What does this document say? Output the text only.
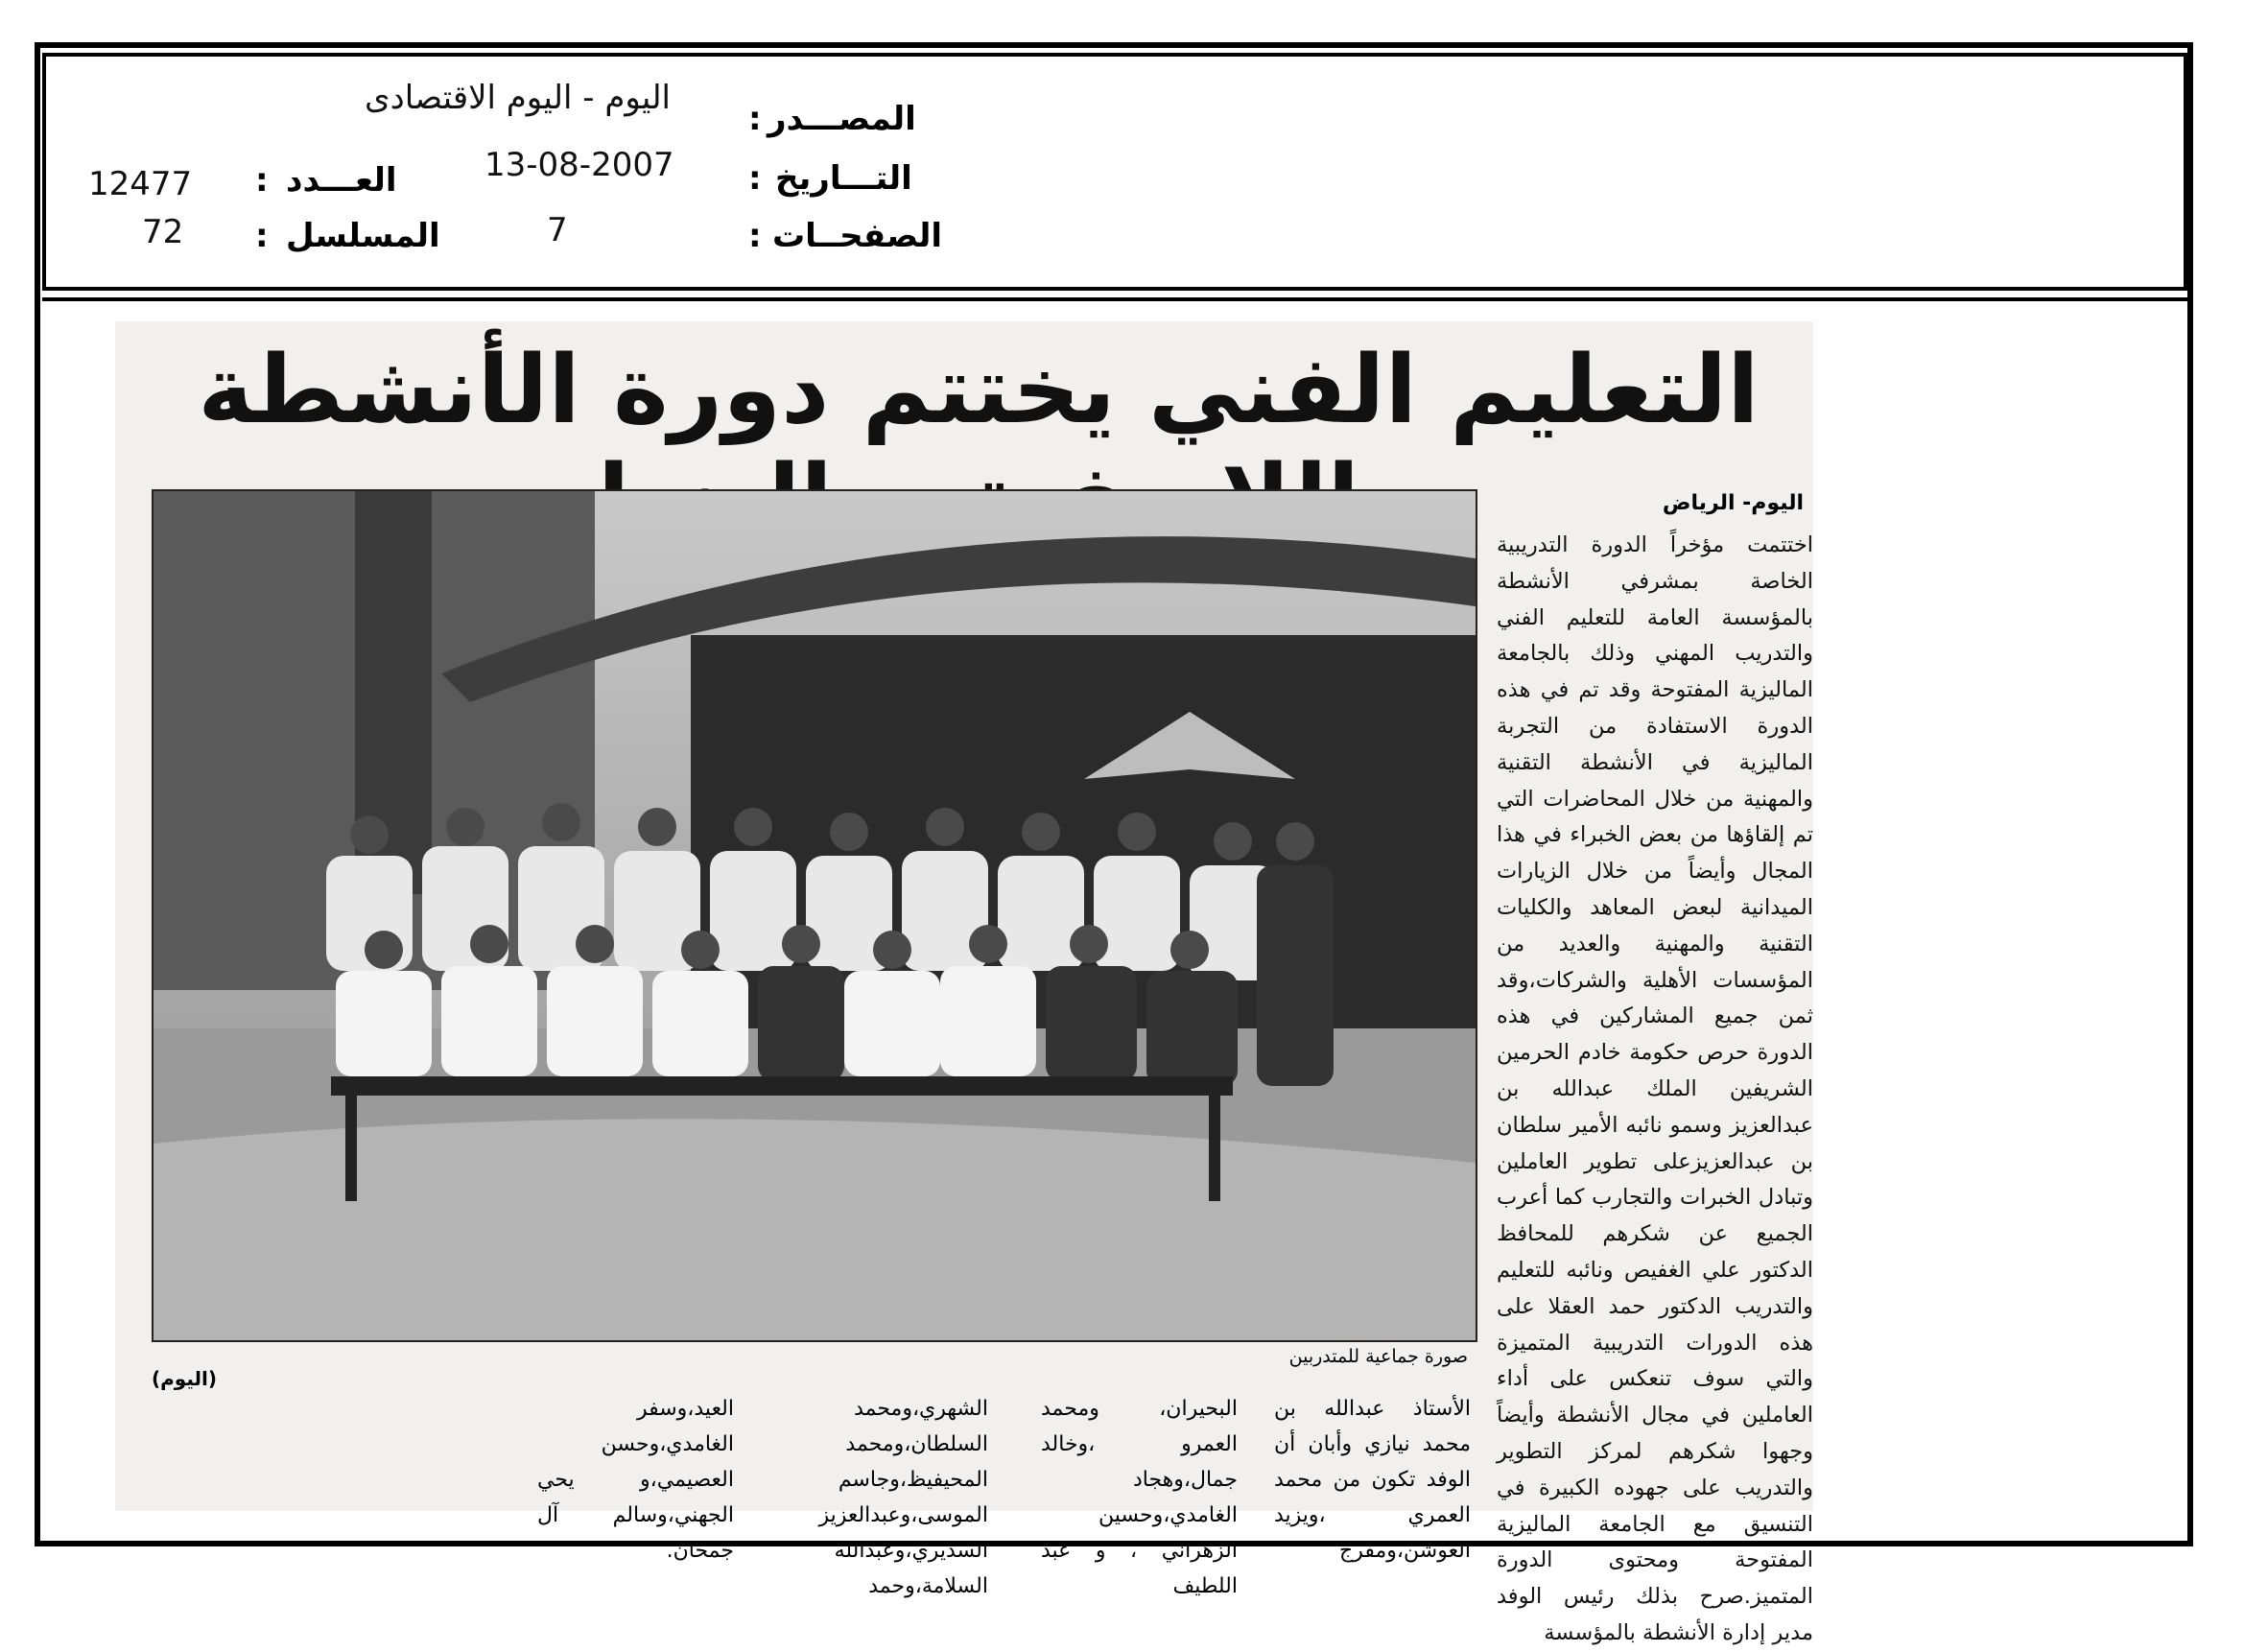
اليوم - اليوم الاقتصادى
المصـــدر
:
13-08-2007	التـــاريخ
:
7	الصفحــات
:
12477	العـــدد
:
72	المسلسل
:
التعليم الفني يختتم دورة الأنشطة
اليوم- الرياض
اختتمت مؤخراً الدورة التدريبية الخاصة بمشرفي الأنشطة بالمؤسسة العامة للتعليم الفني والتدريب المهني وذلك بالجامعة الماليزية المفتوحة وقد تم في هذه الدورة الاستفادة من التجربة الماليزية في الأنشطة التقنية والمهنية من خلال المحاضرات التي تم إلقاؤها من بعض الخبراء في هذا المجال وأيضاً من خلال الزيارات الميدانية لبعض المعاهد والكليات التقنية والمهنية والعديد من المؤسسات الأهلية والشركات،وقد ثمن جميع المشاركين في هذه الدورة حرص حكومة خادم الحرمين الشريفين الملك عبدالله بن عبدالعزيز وسمو نائبه الأمير سلطان بن عبدالعزيزعلى تطوير العاملين وتبادل الخبرات والتجارب كما أعرب الجميع عن شكرهم للمحافظ الدكتور علي الغفيص ونائبه للتعليم والتدريب الدكتور حمد العقلا على هذه الدورات التدريبية المتميزة والتي سوف تنعكس على أداء العاملين في مجال الأنشطة وأيضاً وجهوا شكرهم لمركز التطوير والتدريب على جهوده الكبيرة في التنسيق مع الجامعة الماليزية المفتوحة ومحتوى الدورة المتميز.صرح بذلك رئيس الوفد مدير إدارة الأنشطة بالمؤسسة
صورة جماعية للمتدربين
(اليوم)
الأستاذ عبدالله بن محمد نيازي وأبان أن الوفد تكون من محمد العمري ،ويزيد العوشن،ومفرج
البحيران، ومحمد العمرو ،وخالد جمال،وهجاد الغامدي،وحسين الزهراني ، و عبد اللطيف
الشهري،ومحمد السلطان،ومحمد المحيفيظ،وجاسم الموسى،وعبدالعزيز السديري،وعبدالله السلامة،وحمد
العيد،وسفر الغامدي،وحسن العصيمي،و يحي الجهني،وسالم آل جمحان.
